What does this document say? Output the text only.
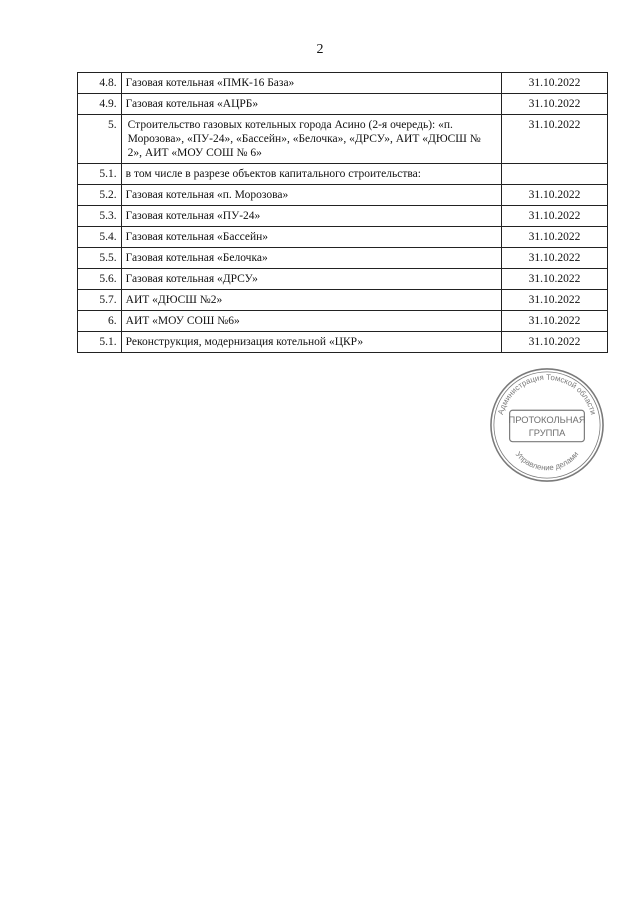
2
4.8.	Газовая котельная «ПМК-16 База»	31.10.2022
4.9.	Газовая котельная «АЦРБ»	31.10.2022
5.	Строительство газовых котельных города Асино (2-я очередь): «п. Морозова», «ПУ-24», «Бассейн», «Белочка», «ДРСУ», АИТ «ДЮСШ № 2», АИТ «МОУ СОШ № 6»	31.10.2022
5.1.	в том числе в разрезе объектов капитального строительства:	
5.2.	Газовая котельная «п. Морозова»	31.10.2022
5.3.	Газовая котельная «ПУ-24»	31.10.2022
5.4.	Газовая котельная «Бассейн»	31.10.2022
5.5.	Газовая котельная «Белочка»	31.10.2022
5.6.	Газовая котельная «ДРСУ»	31.10.2022
5.7.	АИТ «ДЮСШ №2»	31.10.2022
6.	АИТ «МОУ СОШ №6»	31.10.2022
5.1.	Реконструкция, модернизация котельной «ЦКР»	31.10.2022
Администрация Томской области
Управление делами
ПРОТОКОЛЬНАЯ
ГРУППА
